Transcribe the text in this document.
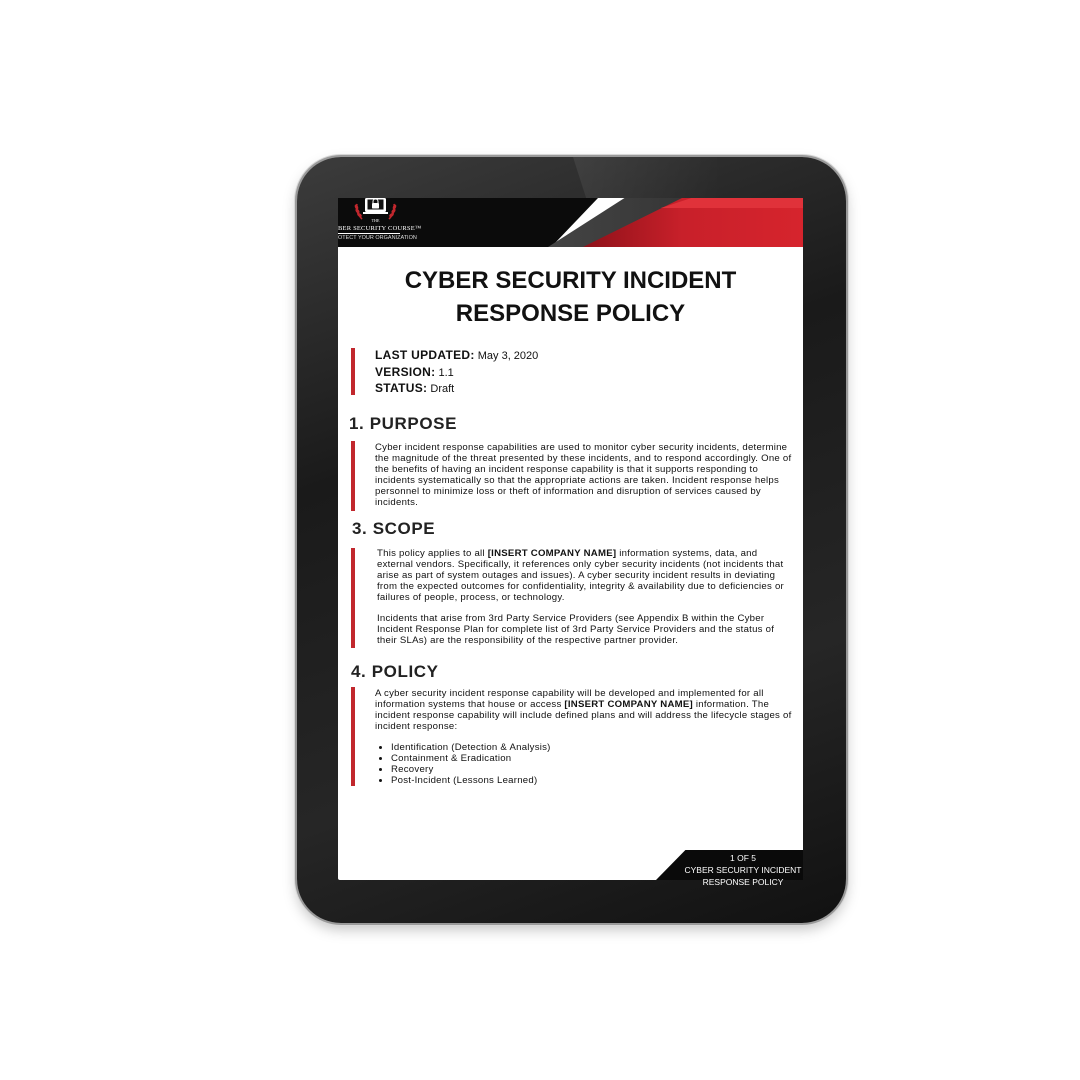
THE
BER SECURITY COURSE™
OTECT YOUR ORGANIZATION
CYBER SECURITY INCIDENT
RESPONSE POLICY
LAST UPDATED: May 3, 2020
VERSION: 1.1
STATUS: Draft
1. PURPOSE
Cyber incident response capabilities are used to monitor cyber security incidents, determine the magnitude of the threat presented by these incidents, and to respond accordingly. One of the benefits of having an incident response capability is that it supports responding to incidents systematically so that the appropriate actions are taken. Incident response helps personnel to minimize loss or theft of information and disruption of services caused by incidents.
3. SCOPE
This policy applies to all [INSERT COMPANY NAME] information systems, data, and external vendors. Specifically, it references only cyber security incidents (not incidents that arise as part of system outages and issues). A cyber security incident results in deviating from the expected outcomes for confidentiality, integrity & availability due to deficiencies or failures of people, process, or technology.
Incidents that arise from 3rd Party Service Providers (see Appendix B within the Cyber Incident Response Plan for complete list of 3rd Party Service Providers and the status of their SLAs) are the responsibility of the respective partner provider.
4. POLICY
A cyber security incident response capability will be developed and implemented for all information systems that house or access [INSERT COMPANY NAME] information. The incident response capability will include defined plans and will address the lifecycle stages of incident response:
• Identification (Detection & Analysis)
• Containment & Eradication
• Recovery
• Post-Incident (Lessons Learned)
1 OF 5
CYBER SECURITY INCIDENT
RESPONSE POLICY
